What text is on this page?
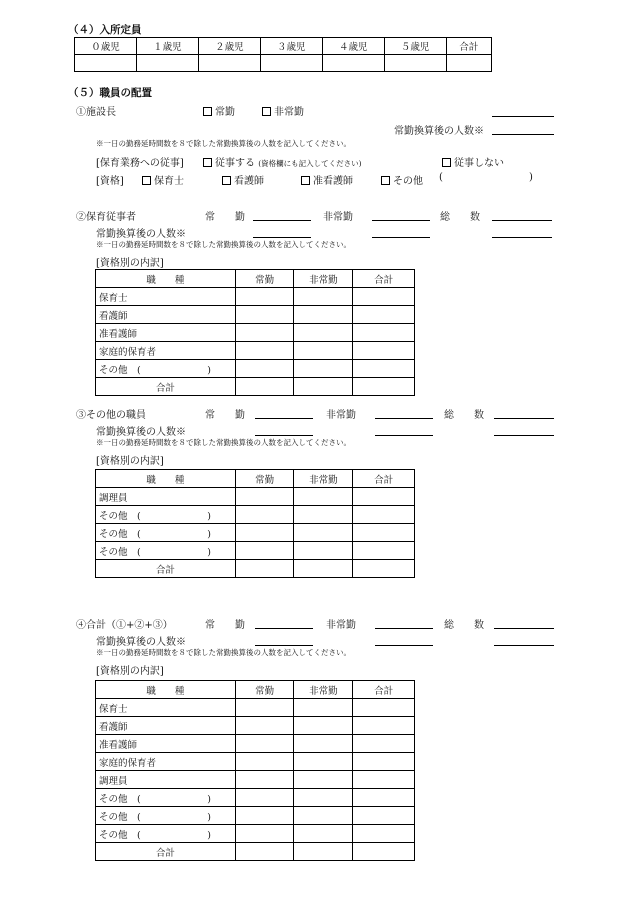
（４）入所定員
０歳児	１歳児	２歳児	３歳児	４歳児	５歳児	合計

（５）職員の配置
①施設長	常勤	非常勤
常勤換算後の人数※
※一日の勤務延時間数を８で除した常勤換算後の人数を記入してください。
[保育業務への従事]	従事する (資格欄にも記入してください)	従事しない
[資格]	保育士	看護師	准看護師	その他 (	)
②保育従事者	常　　勤	非常勤	総　　数
常勤換算後の人数※
※一日の勤務延時間数を８で除した常勤換算後の人数を記入してください。
[資格別の内訳]
職　　種	常勤	非常勤	合計
保育士			
看護師			
准看護師			
家庭的保育者			
その他　(　　　　　　　)			
合計			
③その他の職員	常　　勤	非常勤	総　　数
常勤換算後の人数※
※一日の勤務延時間数を８で除した常勤換算後の人数を記入してください。
[資格別の内訳]
職　　種	常勤	非常勤	合計
調理員			
その他　(　　　　　　　)			
その他　(　　　　　　　)			
その他　(　　　　　　　)			
合計			
④合計（①+②+③）	常　　勤	非常勤	総　　数
常勤換算後の人数※
※一日の勤務延時間数を８で除した常勤換算後の人数を記入してください。
[資格別の内訳]
職　　種	常勤	非常勤	合計
保育士			
看護師			
准看護師			
家庭的保育者			
調理員			
その他　(　　　　　　　)			
その他　(　　　　　　　)			
その他　(　　　　　　　)			
合計			
